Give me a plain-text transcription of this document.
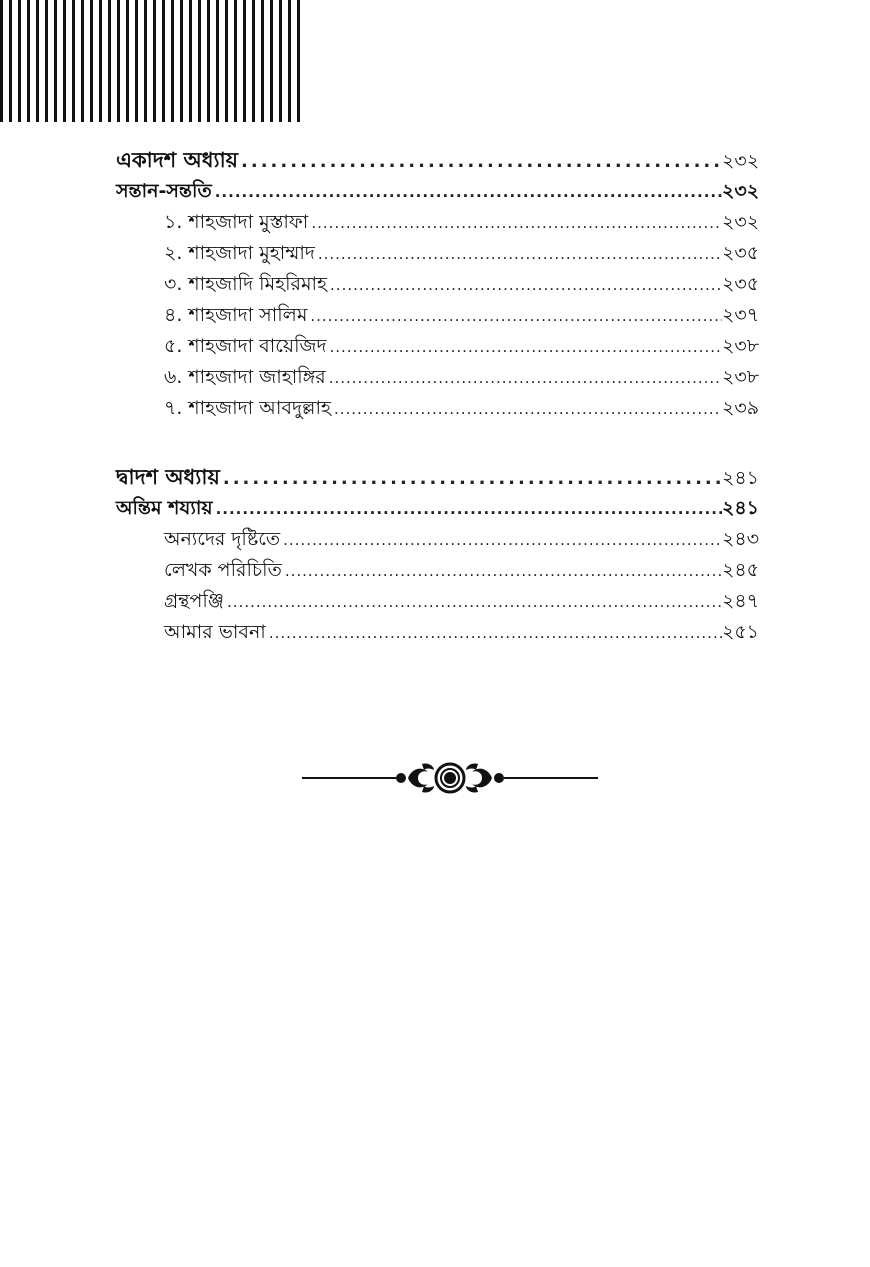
একাদশ অধ্যায় .....	২৩২
সন্তান-সন্ততি .....	২৩২
১. শাহজাদা মুস্তাফা .....	২৩২
২. শাহজাদা মুহাম্মাদ .....	২৩৫
৩. শাহজাদি মিহরিমাহ .....	২৩৫
৪. শাহজাদা সালিম .....	২৩৭
৫. শাহজাদা বায়েজিদ .....	২৩৮
৬. শাহজাদা জাহাঙ্গির .....	২৩৮
৭. শাহজাদা আবদুল্লাহ .....	২৩৯
দ্বাদশ অধ্যায় .....	২৪১
অন্তিম শয্যায় .....	২৪১
অন্যদের দৃষ্টিতে .....	২৪৩
লেখক পরিচিতি .....	২৪৫
গ্রন্থপঞ্জি .....	২৪৭
আমার ভাবনা .....	২৫১
